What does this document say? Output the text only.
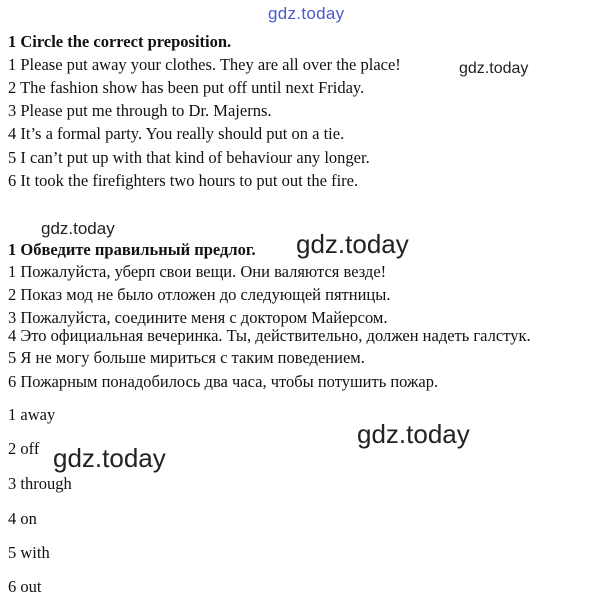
gdz.today
1 Circle the correct preposition.
1 Please put away your clothes. They are all over the place!	gdz.today
2 The fashion show has been put off until next Friday.
3 Please put me through to Dr. Majerns.
4 It’s a formal party. You really should put on a tie.
5 I can’t put up with that kind of behaviour any longer.
6 It took the firefighters two hours to put out the fire.
gdz.today
1 Обведите правильный предлог. gdz.today
1 Пожалуйста, уберп свои вещи. Они валяются везде!
2 Показ мод не было отложен до следующей пятницы.
3 Пожалуйста, соедините меня с доктором Майерсом.
4 Это официальная вечеринка. Ты, действительно, должен надеть галстук.
5 Я не могу больше мириться с таким поведением.
6 Пожарным понадобилось два часа, чтобы потушить пожар.
1 away
gdz.today
2 off gdz.today
3 through
4 on
5 with
6 out
